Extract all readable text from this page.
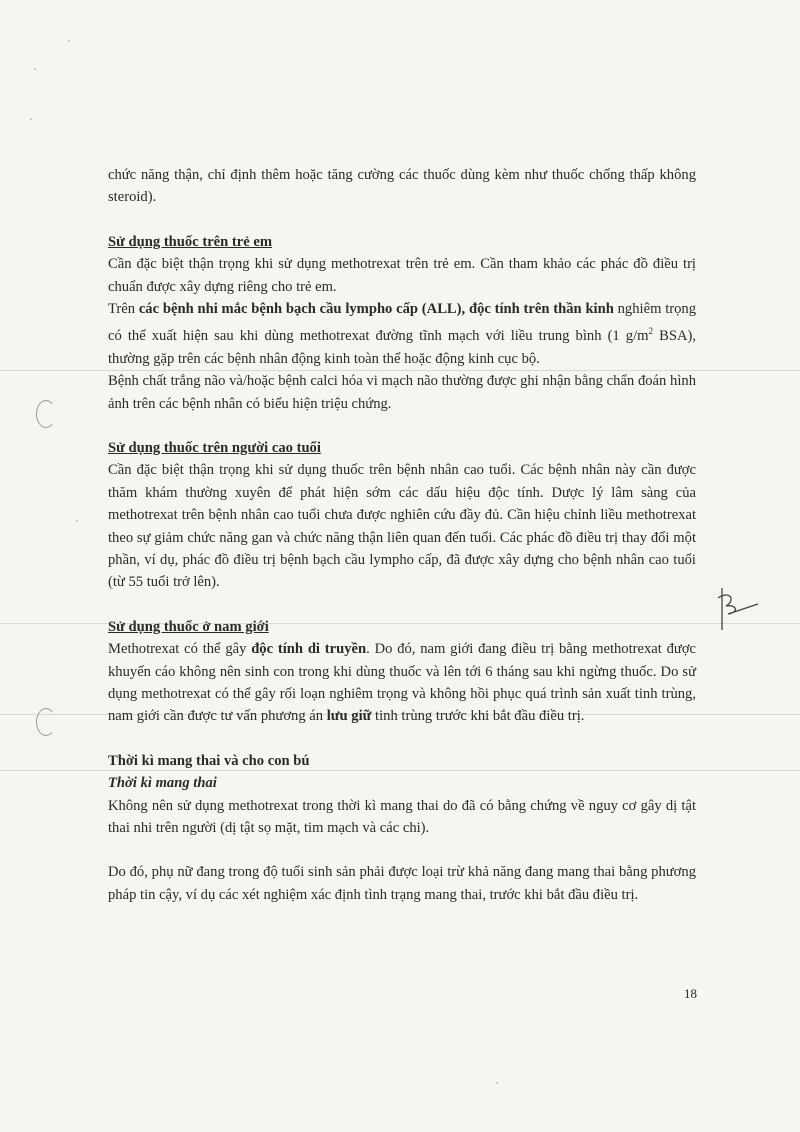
chức năng thận, chỉ định thêm hoặc tăng cường các thuốc dùng kèm như thuốc chống thấp không steroid).

Sử dụng thuốc trên trẻ em

Cần đặc biệt thận trọng khi sử dụng methotrexat trên trẻ em. Cần tham khảo các phác đồ điều trị chuẩn được xây dựng riêng cho trẻ em.

Trên các bệnh nhi mắc bệnh bạch cầu lympho cấp (ALL), độc tính trên thần kinh nghiêm trọng có thể xuất hiện sau khi dùng methotrexat đường tĩnh mạch với liều trung bình (1 $g/m^2$ BSA), thường gặp trên các bệnh nhân động kinh toàn thể hoặc động kinh cục bộ.

Bệnh chất trắng não và/hoặc bệnh calci hóa vi mạch não thường được ghi nhận bằng chẩn đoán hình ảnh trên các bệnh nhân có biểu hiện triệu chứng.

Sử dụng thuốc trên người cao tuổi

Cần đặc biệt thận trọng khi sử dụng thuốc trên bệnh nhân cao tuổi. Các bệnh nhân này cần được thăm khám thường xuyên để phát hiện sớm các dấu hiệu độc tính. Dược lý lâm sàng của methotrexat trên bệnh nhân cao tuổi chưa được nghiên cứu đầy đủ. Cần hiệu chỉnh liều methotrexat theo sự giảm chức năng gan và chức năng thận liên quan đến tuổi. Các phác đồ điều trị thay đổi một phần, ví dụ, phác đồ điều trị bệnh bạch cầu lympho cấp, đã được xây dựng cho bệnh nhân cao tuổi (từ 55 tuổi trở lên).

Sử dụng thuốc ở nam giới

Methotrexat có thể gây độc tính di truyền. Do đó, nam giới đang điều trị bằng methotrexat được khuyến cáo không nên sinh con trong khi dùng thuốc và lên tới 6 tháng sau khi ngừng thuốc. Do sử dụng methotrexat có thể gây rối loạn nghiêm trọng và không hồi phục quá trình sản xuất tinh trùng, nam giới cần được tư vấn phương án lưu giữ tinh trùng trước khi bắt đầu điều trị.

Thời kì mang thai và cho con bú

Thời kì mang thai

Không nên sử dụng methotrexat trong thời kì mang thai do đã có bằng chứng về nguy cơ gây dị tật thai nhi trên người (dị tật sọ mặt, tim mạch và các chi).

Do đó, phụ nữ đang trong độ tuổi sinh sản phải được loại trừ khả năng đang mang thai bằng phương pháp tin cậy, ví dụ các xét nghiệm xác định tình trạng mang thai, trước khi bắt đầu điều trị.

18
